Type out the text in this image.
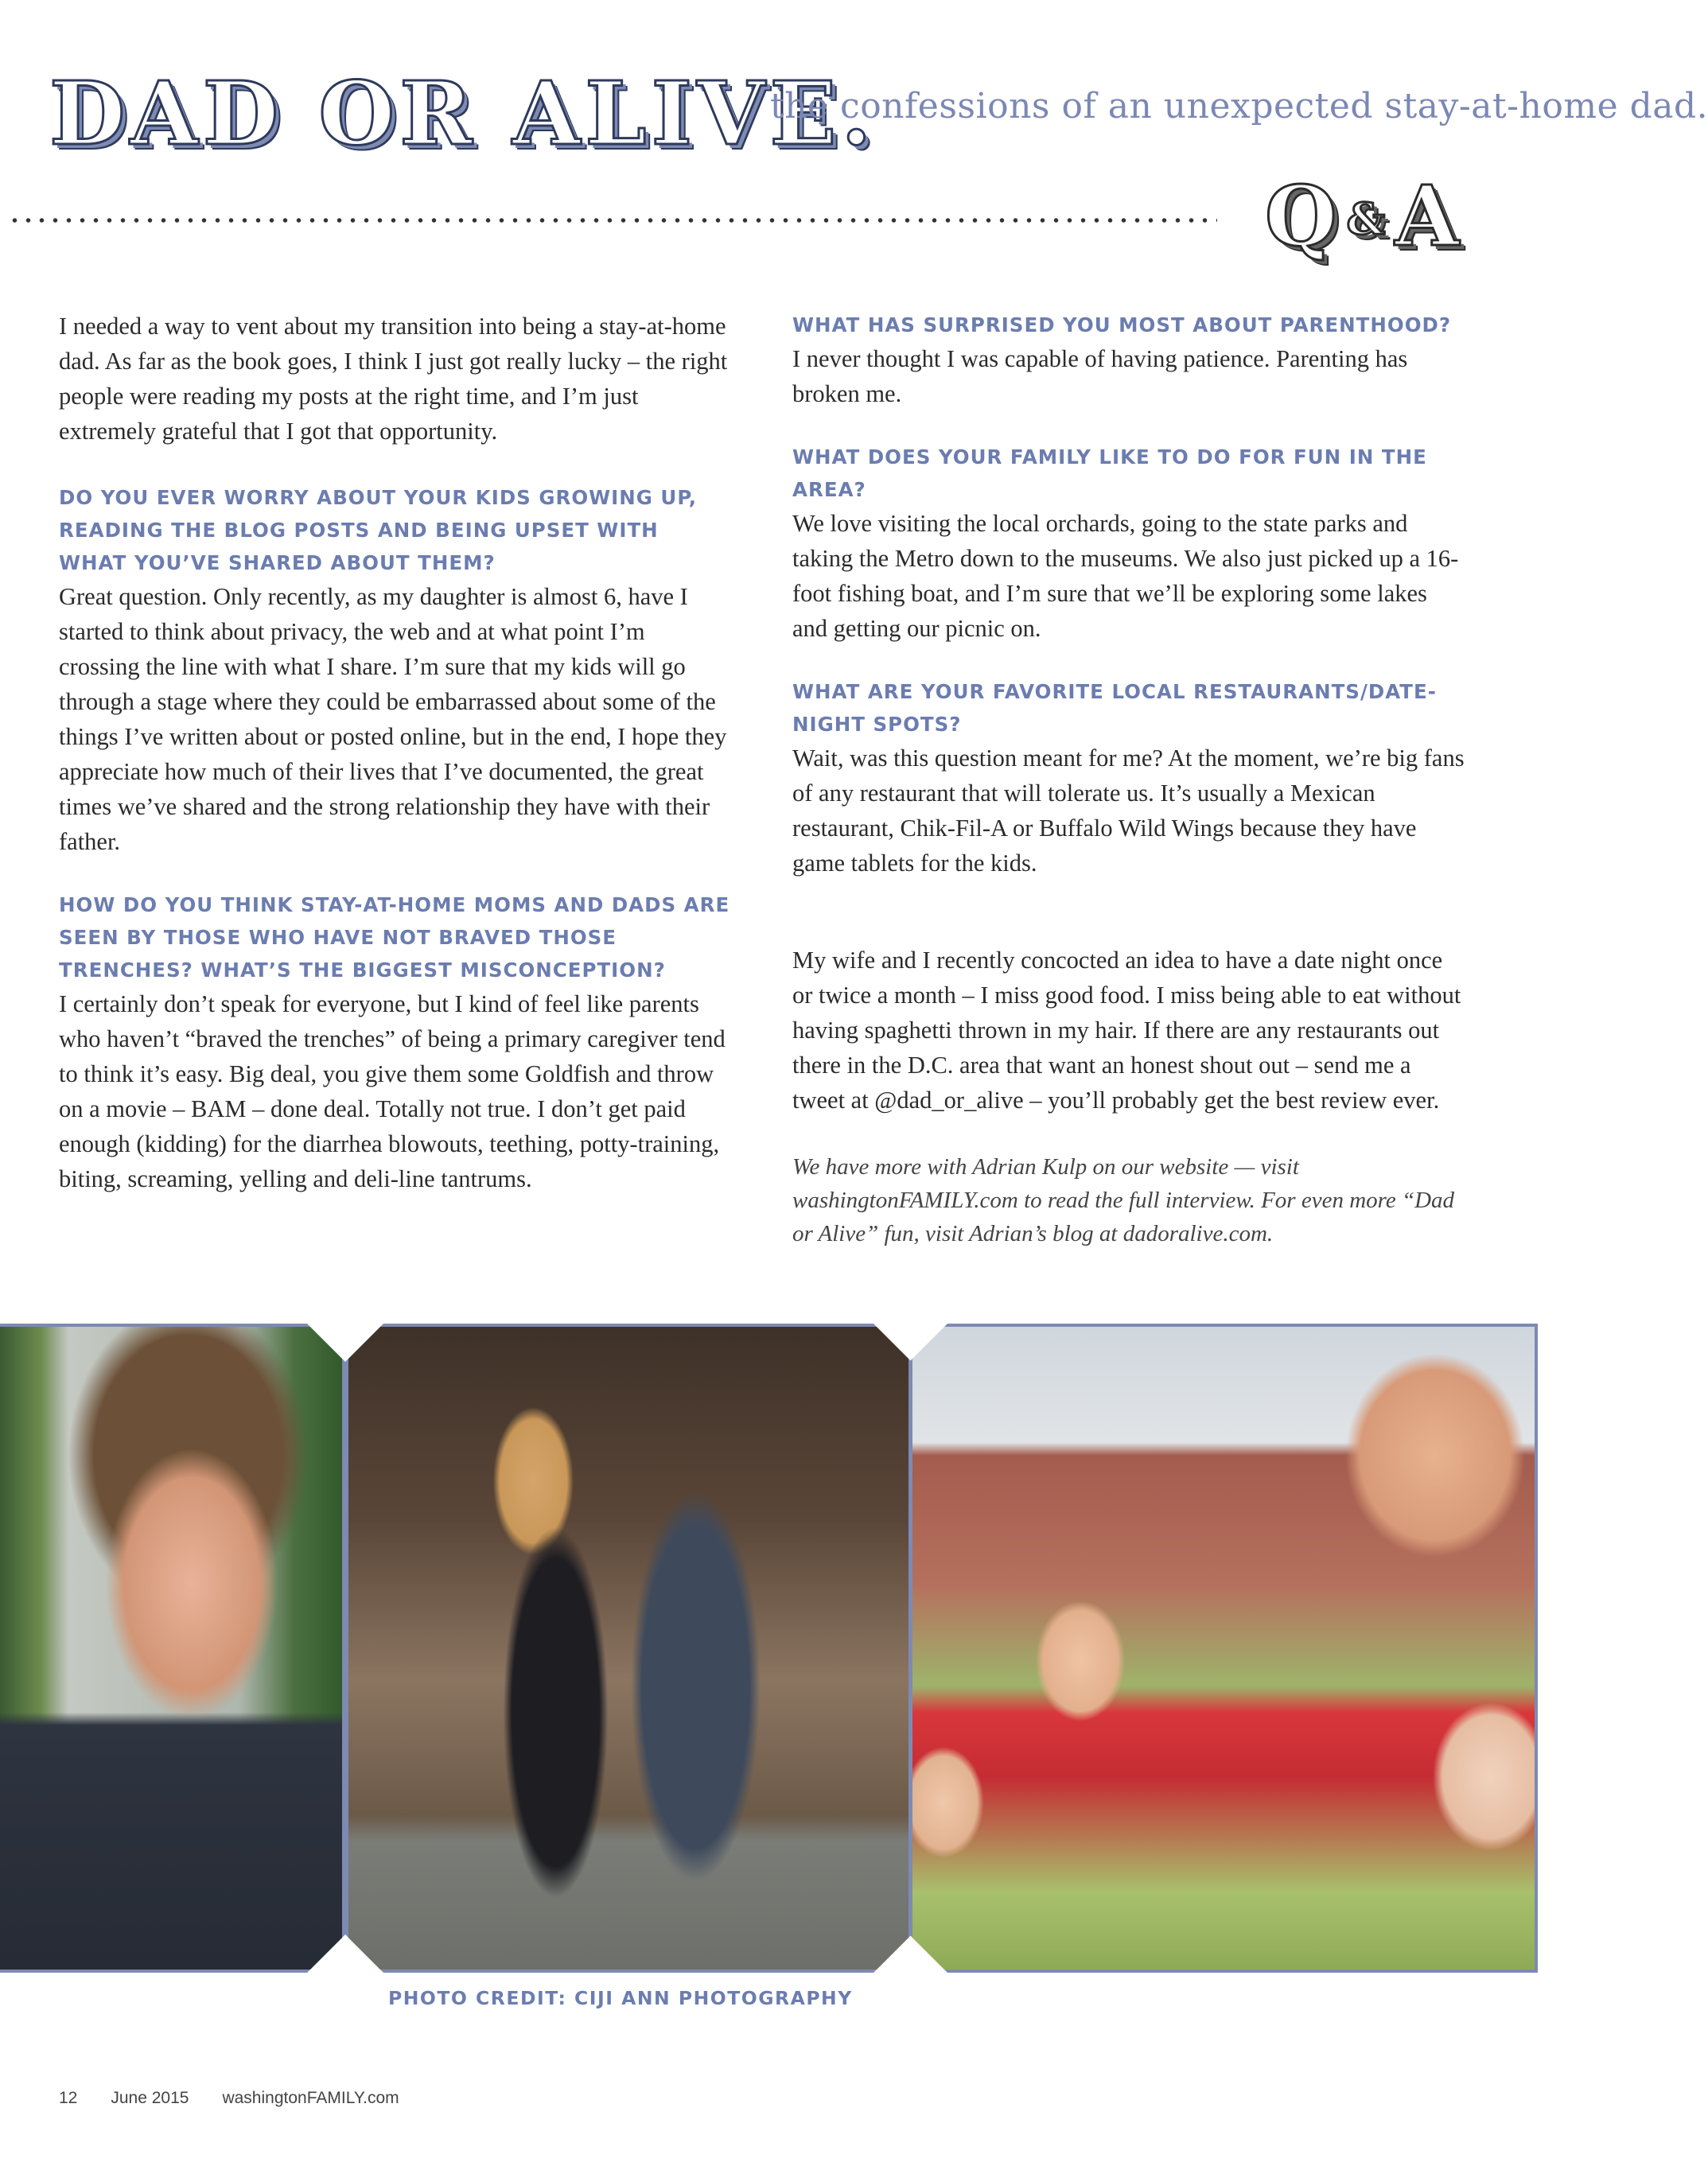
DAD OR ALIVE.

the confessions of an unexpected stay-at-home dad.

Q & A

I needed a way to vent about my transition into being a stay-at-home dad. As far as the book goes, I think I just got really lucky – the right people were reading my posts at the right time, and I’m just extremely grateful that I got that opportunity.

DO YOU EVER WORRY ABOUT YOUR KIDS GROWING UP, READING THE BLOG POSTS AND BEING UPSET WITH WHAT YOU’VE SHARED ABOUT THEM?

Great question. Only recently, as my daughter is almost 6, have I started to think about privacy, the web and at what point I’m crossing the line with what I share. I’m sure that my kids will go through a stage where they could be embarrassed about some of the things I’ve written about or posted online, but in the end, I hope they appreciate how much of their lives that I’ve documented, the great times we’ve shared and the strong relationship they have with their father.

HOW DO YOU THINK STAY-AT-HOME MOMS AND DADS ARE SEEN BY THOSE WHO HAVE NOT BRAVED THOSE TRENCHES? WHAT’S THE BIGGEST MISCONCEPTION?

I certainly don’t speak for everyone, but I kind of feel like parents who haven’t “braved the trenches” of being a primary caregiver tend to think it’s easy. Big deal, you give them some Goldfish and throw on a movie – BAM – done deal. Totally not true. I don’t get paid enough (kidding) for the diarrhea blowouts, teething, potty-training, biting, screaming, yelling and deli-line tantrums.

WHAT HAS SURPRISED YOU MOST ABOUT PARENTHOOD?

I never thought I was capable of having patience. Parenting has broken me.

WHAT DOES YOUR FAMILY LIKE TO DO FOR FUN IN THE AREA?

We love visiting the local orchards, going to the state parks and taking the Metro down to the museums. We also just picked up a 16-foot fishing boat, and I’m sure that we’ll be exploring some lakes and getting our picnic on.

WHAT ARE YOUR FAVORITE LOCAL RESTAURANTS/DATE-NIGHT SPOTS?

Wait, was this question meant for me? At the moment, we’re big fans of any restaurant that will tolerate us. It’s usually a Mexican restaurant, Chik-Fil-A or Buffalo Wild Wings because they have game tablets for the kids.

My wife and I recently concocted an idea to have a date night once or twice a month – I miss good food. I miss being able to eat without having spaghetti thrown in my hair. If there are any restaurants out there in the D.C. area that want an honest shout out – send me a tweet at @dad_or_alive – you’ll probably get the best review ever.

We have more with Adrian Kulp on our website — visit washingtonFAMILY.com to read the full interview. For even more “Dad or Alive” fun, visit Adrian’s blog at dadoralive.com.

PHOTO CREDIT: CIJI ANN PHOTOGRAPHY

12 June 2015 washingtonFAMILY.com
